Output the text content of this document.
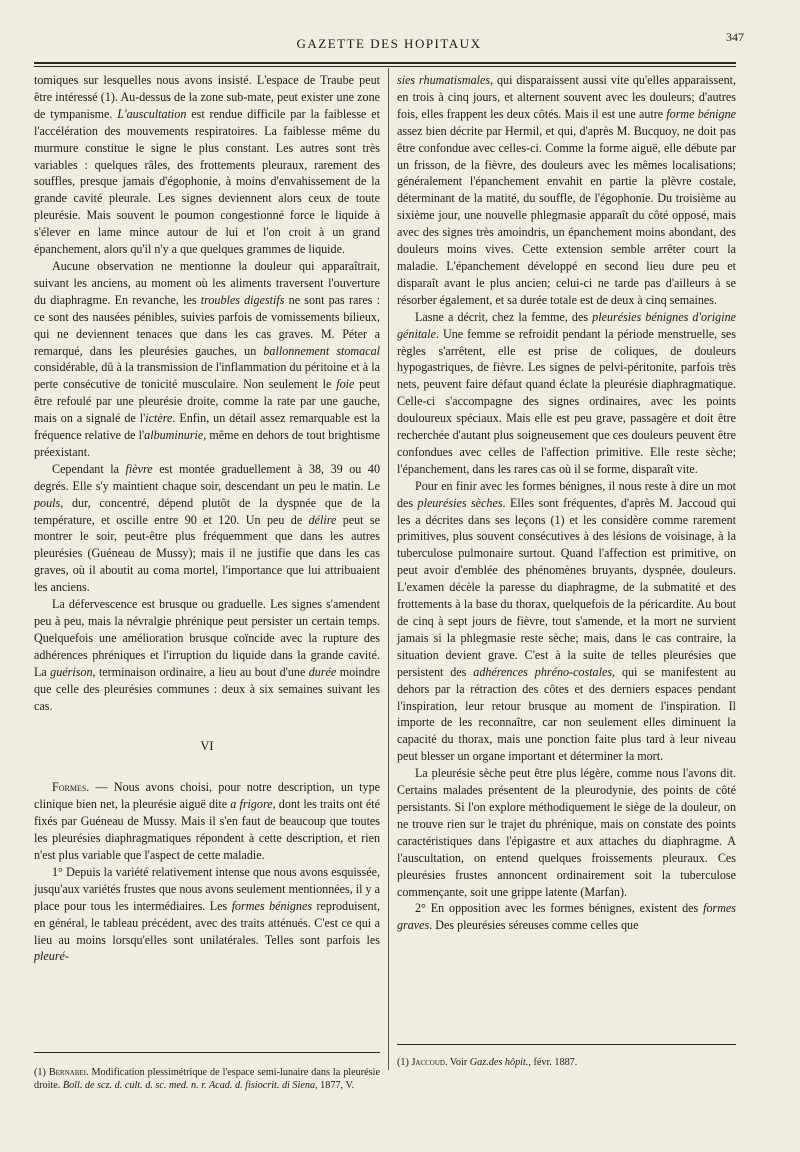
GAZETTE DES HOPITAUX	347

tomiques sur lesquelles nous avons insisté. L'espace de Traube peut être intéressé (1). Au-dessus de la zone sub-mate, peut exister une zone de tympanisme. L'auscultation est rendue difficile par la faiblesse et l'accélération des mouvements respiratoires. La faiblesse même du murmure constitue le signe le plus constant. Les autres sont très variables : quelques râles, des frottements pleuraux, rarement des souffles, presque jamais d'égophonie, à moins d'envahissement de la grande cavité pleurale. Les signes deviennent alors ceux de toute pleurésie. Mais souvent le poumon congestionné force le liquide à s'élever en lame mince autour de lui et l'on croit à un grand épanchement, alors qu'il n'y a que quelques grammes de liquide.

Aucune observation ne mentionne la douleur qui apparaîtrait, suivant les anciens, au moment où les aliments traversent l'ouverture du diaphragme. En revanche, les troubles digestifs ne sont pas rares : ce sont des nausées pénibles, suivies parfois de vomissements bilieux, qui ne deviennent tenaces que dans les cas graves. M. Péter a remarqué, dans les pleurésies gauches, un ballonnement stomacal considérable, dû à la transmission de l'inflammation du péritoine et à la perte consécutive de tonicité musculaire. Non seulement le foie peut être refoulé par une pleurésie droite, comme la rate par une gauche, mais on a signalé de l'ictère. Enfin, un détail assez remarquable est la fréquence relative de l'albuminurie, même en dehors de tout brightisme préexistant.

Cependant la fièvre est montée graduellement à 38, 39 ou 40 degrés. Elle s'y maintient chaque soir, descendant un peu le matin. Le pouls, dur, concentré, dépend plutôt de la dyspnée que de la température, et oscille entre 90 et 120. Un peu de délire peut se montrer le soir, peut-être plus fréquemment que dans les autres pleurésies (Guéneau de Mussy); mais il ne justifie que dans les cas graves, où il aboutit au coma mortel, l'importance que lui attribuaient les anciens.

La défervescence est brusque ou graduelle. Les signes s'amendent peu à peu, mais la névralgie phrénique peut persister un certain temps. Quelquefois une amélioration brusque coïncide avec la rupture des adhérences phréniques et l'irruption du liquide dans la grande cavité. La guérison, terminaison ordinaire, a lieu au bout d'une durée moindre que celle des pleurésies communes : deux à six semaines suivant les cas.

VI

Formes. — Nous avons choisi, pour notre description, un type clinique bien net, la pleurésie aiguë dite a frigore, dont les traits ont été fixés par Guéneau de Mussy. Mais il s'en faut de beaucoup que toutes les pleurésies diaphragmatiques répondent à cette description, et rien n'est plus variable que l'aspect de cette maladie.

1° Depuis la variété relativement intense que nous avons esquissée, jusqu'aux variétés frustes que nous avons seulement mentionnées, il y a place pour tous les intermédiaires. Les formes bénignes reproduisent, en général, le tableau précédent, avec des traits atténués. C'est ce qui a lieu au moins lorsqu'elles sont unilatérales. Telles sont parfois les pleuré-

(1) Bernabei. Modification plessimétrique de l'espace semi-lunaire dans la pleurésie droite. Boll. de scz. d. cult. d. sc. med. n. r. Acad. d. fisiocrit. di Siena, 1877, V.

sies rhumatismales, qui disparaissent aussi vite qu'elles apparaissent, en trois à cinq jours, et alternent souvent avec les douleurs; d'autres fois, elles frappent les deux côtés. Mais il est une autre forme bénigne assez bien décrite par Hermil, et qui, d'après M. Bucquoy, ne doit pas être confondue avec celles-ci. Comme la forme aiguë, elle débute par un frisson, de la fièvre, des douleurs avec les mêmes localisations; généralement l'épanchement envahit en partie la plèvre costale, déterminant de la matité, du souffle, de l'égophonie. Du troisième au sixième jour, une nouvelle phlegmasie apparaît du côté opposé, mais avec des signes très amoindris, un épanchement moins abondant, des douleurs moins vives. Cette extension semble arrêter court la maladie. L'épanchement développé en second lieu dure peu et disparaît avant le plus ancien; celui-ci ne tarde pas d'ailleurs à se résorber également, et sa durée totale est de deux à cinq semaines.

Lasne a décrit, chez la femme, des pleurésies bénignes d'origine génitale. Une femme se refroidit pendant la période menstruelle, ses règles s'arrêtent, elle est prise de coliques, de douleurs hypogastriques, de fièvre. Les signes de pelvi-péritonite, parfois très nets, peuvent faire défaut quand éclate la pleurésie diaphragmatique. Celle-ci s'accompagne des signes ordinaires, avec les points douloureux spéciaux. Mais elle est peu grave, passagère et doit être recherchée d'autant plus soigneusement que ces douleurs peuvent être confondues avec celles de l'affection primitive. Elle reste sèche; l'épanchement, dans les rares cas où il se forme, disparaît vite.

Pour en finir avec les formes bénignes, il nous reste à dire un mot des pleurésies sèches. Elles sont fréquentes, d'après M. Jaccoud qui les a décrites dans ses leçons (1) et les considère comme rarement primitives, plus souvent consécutives à des lésions de voisinage, à la tuberculose pulmonaire surtout. Quand l'affection est primitive, on peut avoir d'emblée des phénomènes bruyants, dyspnée, douleurs. L'examen décèle la paresse du diaphragme, de la submatité et des frottements à la base du thorax, quelquefois de la péricardite. Au bout de cinq à sept jours de fièvre, tout s'amende, et la mort ne survient jamais si la phlegmasie reste sèche; mais, dans le cas contraire, la situation devient grave. C'est à la suite de telles pleurésies que persistent des adhérences phréno-costales, qui se manifestent au dehors par la rétraction des côtes et des derniers espaces pendant l'inspiration, leur retour brusque au moment de l'inspiration. Il importe de les reconnaître, car non seulement elles diminuent la capacité du thorax, mais une ponction faite plus tard à leur niveau peut blesser un organe important et déterminer la mort.

La pleurésie sèche peut être plus légère, comme nous l'avons dit. Certains malades présentent de la pleurodynie, des points de côté persistants. Si l'on explore méthodiquement le siège de la douleur, on ne trouve rien sur le trajet du phrénique, mais on constate des points caractéristiques dans l'épigastre et aux attaches du diaphragme. A l'auscultation, on entend quelques froissements pleuraux. Ces pleurésies frustes annoncent ordinairement soit la tuberculose commençante, soit une grippe latente (Marfan).

2° En opposition avec les formes bénignes, existent des formes graves. Des pleurésies séreuses comme celles que

(1) Jaccoud. Voir Gaz.des hôpit., févr. 1887.
